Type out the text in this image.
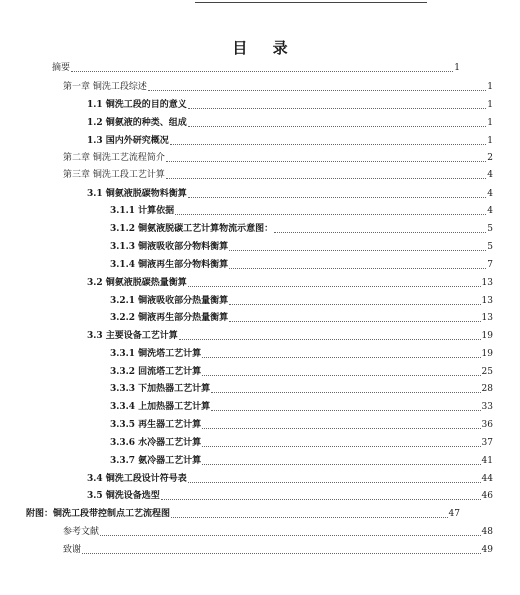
目 录
摘要	1
第一章 铜洗工段综述	1
1.1 铜洗工段的目的意义	1
1.2 铜氨液的种类、组成	1
1.3 国内外研究概况	1
第二章 铜洗工艺流程简介	2
第三章 铜洗工段工艺计算	4
3.1 铜氨液脱碳物料衡算	4
3.1.1 计算依据	4
3.1.2 铜氨液脱碳工艺计算物流示意图：	5
3.1.3 铜液吸收部分物料衡算	5
3.1.4 铜液再生部分物料衡算	7
3.2 铜氨液脱碳热量衡算	13
3.2.1 铜液吸收部分热量衡算	13
3.2.2 铜液再生部分热量衡算	13
3.3 主要设备工艺计算	19
3.3.1 铜洗塔工艺计算	19
3.3.2 回流塔工艺计算	25
3.3.3 下加热器工艺计算	28
3.3.4 上加热器工艺计算	33
3.3.5 再生器工艺计算	36
3.3.6 水冷器工艺计算	37
3.3.7 氨冷器工艺计算	41
3.4 铜洗工段设计符号表	44
3.5 铜洗设备选型	46
附图：铜洗工段带控制点工艺流程图	47
参考文献	48
致谢	49
